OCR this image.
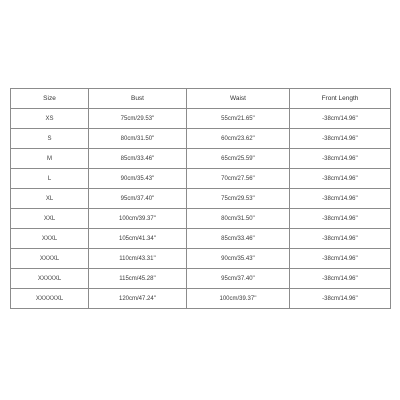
Size	Bust	Waist	Front Length
XS	75cm/29.53''	55cm/21.65''	-38cm/14.96''
S	80cm/31.50''	60cm/23.62''	-38cm/14.96''
M	85cm/33.46''	65cm/25.59''	-38cm/14.96''
L	90cm/35.43''	70cm/27.56''	-38cm/14.96''
XL	95cm/37.40''	75cm/29.53''	-38cm/14.96''
XXL	100cm/39.37''	80cm/31.50''	-38cm/14.96''
XXXL	105cm/41.34''	85cm/33.46''	-38cm/14.96''
XXXXL	110cm/43.31''	90cm/35.43''	-38cm/14.96''
XXXXXL	115cm/45.28''	95cm/37.40''	-38cm/14.96''
XXXXXXL	120cm/47.24''	100cm/39.37''	-38cm/14.96''
